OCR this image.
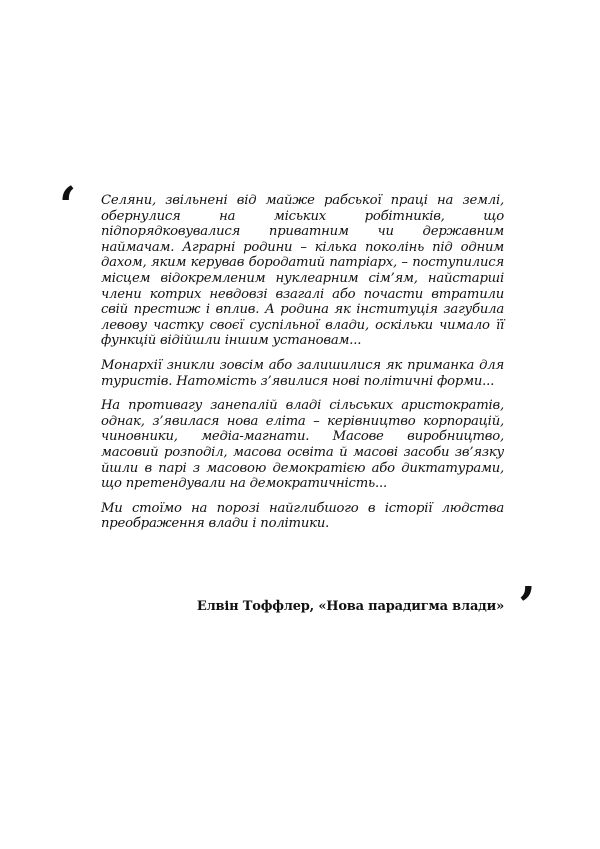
, Селяни, звільнені від майже рабської праці на землі, обернулися на міських робітників, що підпорядковувалися приватним чи державним наймачам. Аграрні родини – кілька поколінь під одним дахом, яким керував бородатий патріарх, – поступилися місцем відокремленим нуклеарним сім’ям, найстарші члени котрих невдовзі взагалі або почасти втратили свій престиж і вплив. А родина як інституція загубила левову частку своєї суспільної влади, оскільки чимало її функцій відійшли іншим установам...

Монархії зникли зовсім або залишилися як приманка для туристів. Натомість з’явилися нові політичні форми...

На противагу занепалій владі сільських аристократів, однак, з’явилася нова еліта – керівництво корпорацій, чиновники, медіа-магнати. Масове виробництво, масовий розподіл, масова освіта й масові засоби зв’язку йшли в парі з масовою демократією або диктатурами, що претендували на демократичність...

Ми стоїмо на порозі найглибшого в історії людства преображення влади і політики.

,
Елвін Тоффлер, «Нова парадигма влади»
